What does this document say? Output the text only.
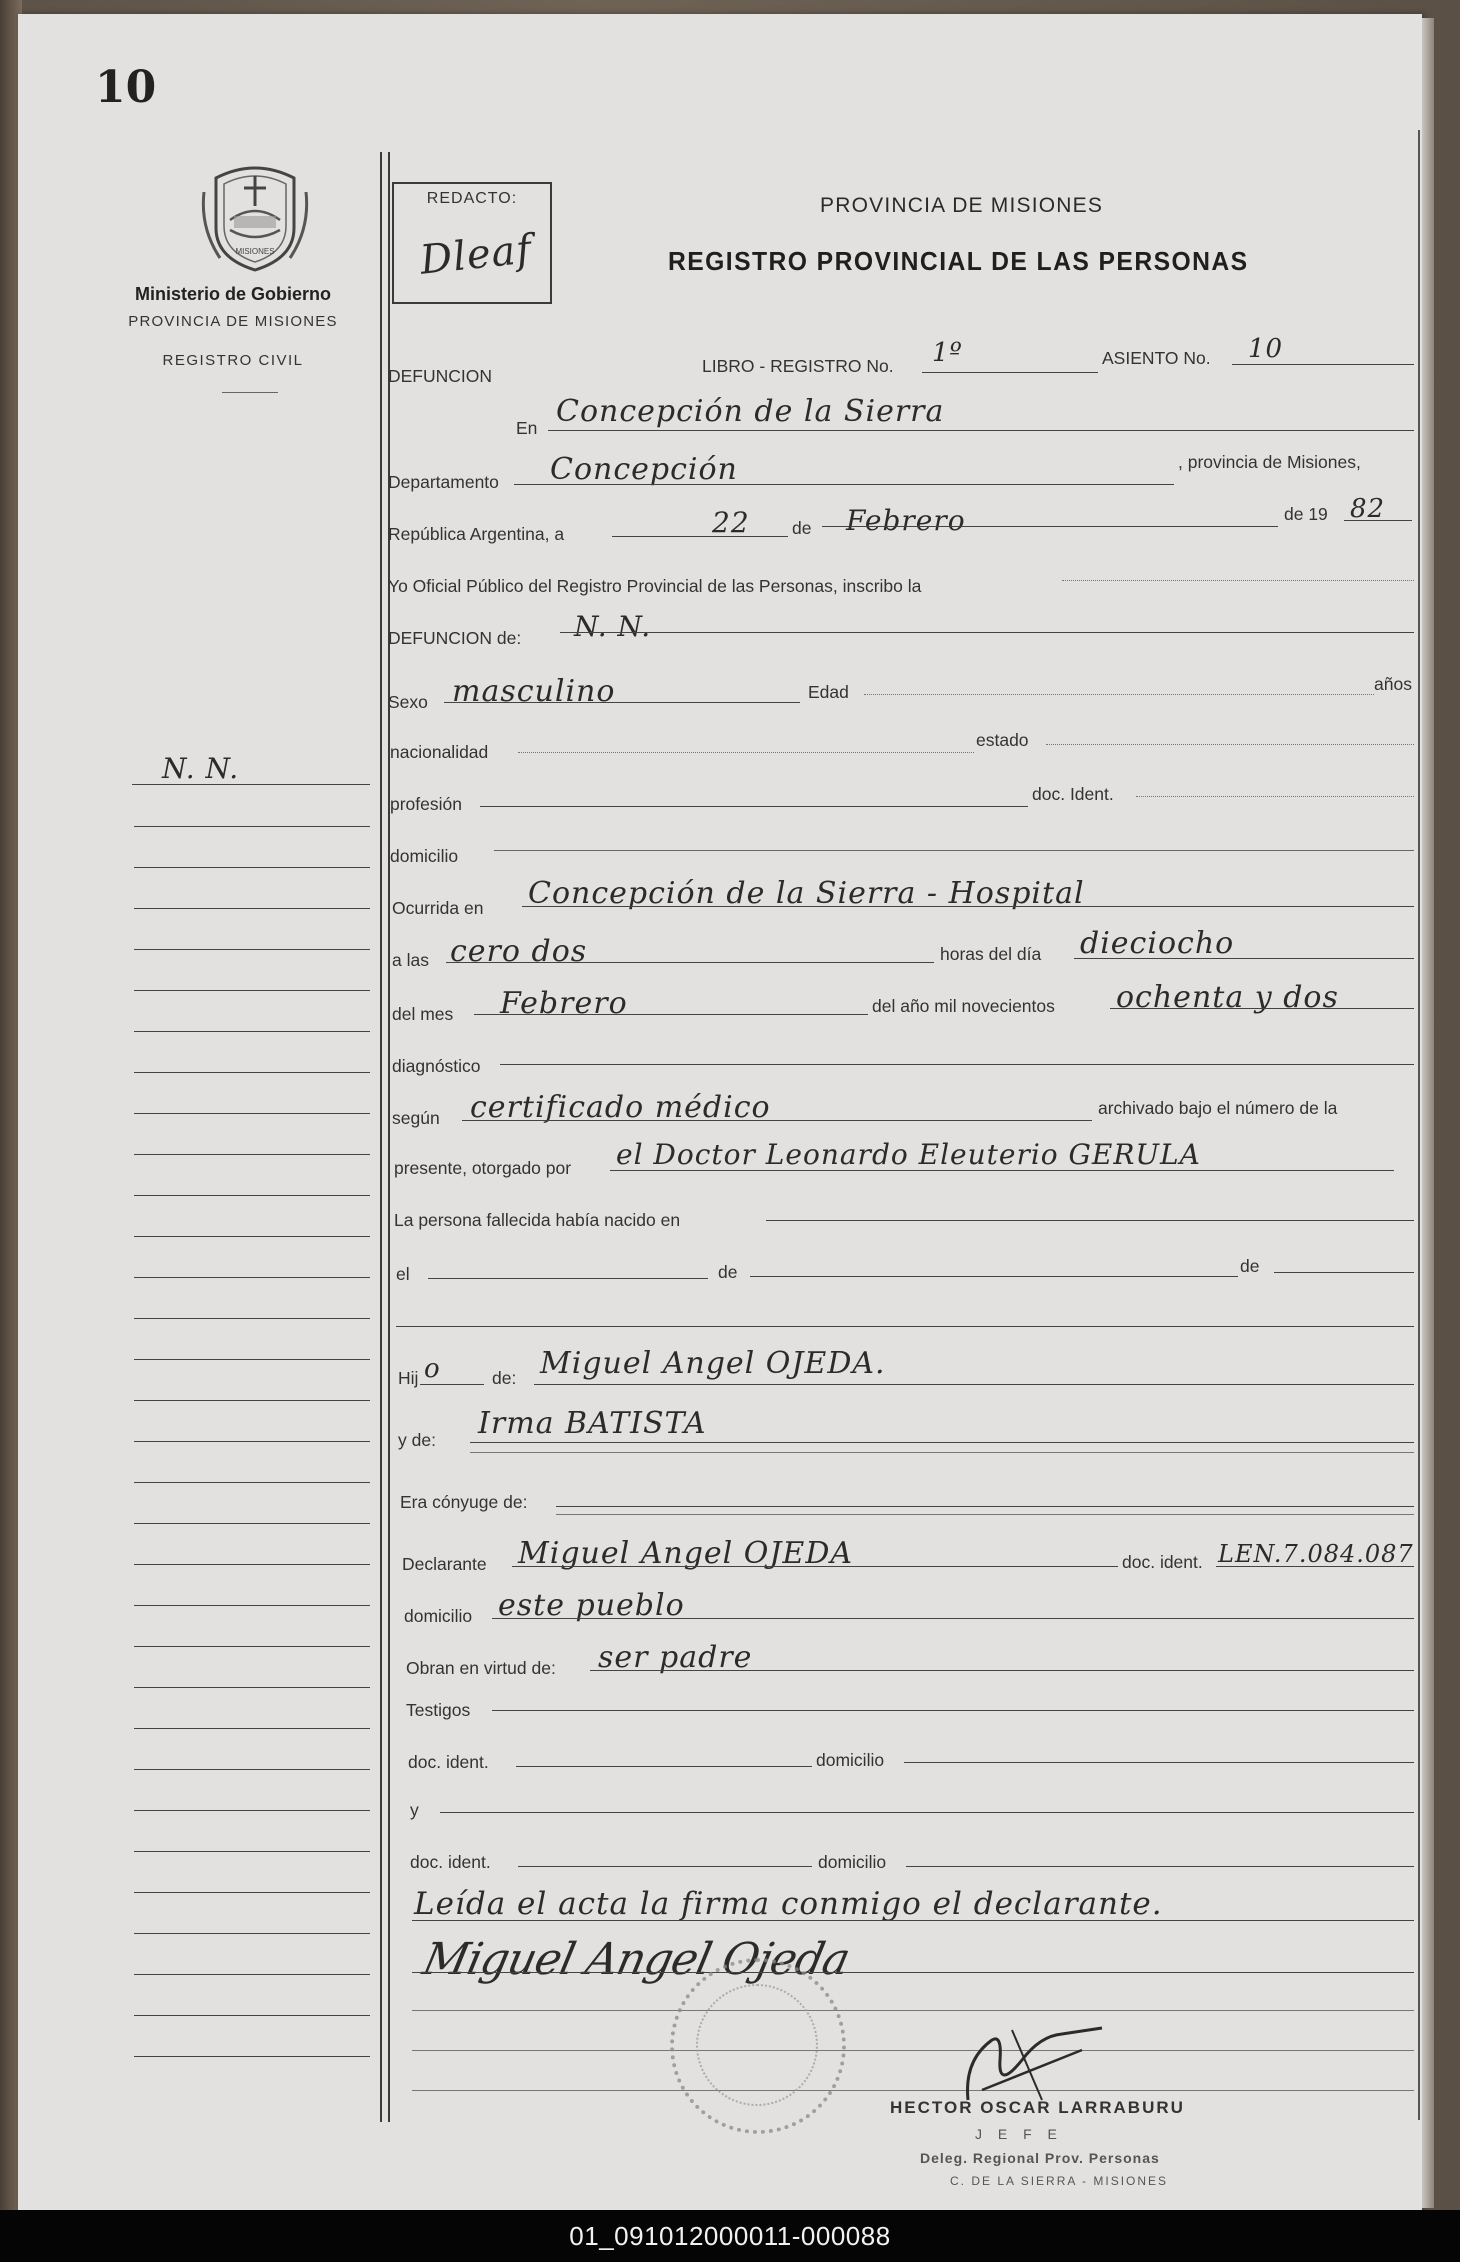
10
MISIONES
Ministerio de Gobierno
PROVINCIA DE MISIONES
REGISTRO CIVIL
N. N.
REDACTO:
Dleaf
PROVINCIA DE MISIONES
REGISTRO PROVINCIAL DE LAS PERSONAS
DEFUNCION	LIBRO - REGISTRO No. 1º	ASIENTO No. 10
En Concepción de la Sierra
Departamento Concepción	, provincia de Misiones,
República Argentina, a	22 de Febrero	de 19 82
Yo Oficial Público del Registro Provincial de las Personas, inscribo la
DEFUNCION de: N. N.
Sexo masculino	Edad	años
nacionalidad
estado
profesión	doc. Ident.
domicilio
Ocurrida en Concepción de la Sierra - Hospital
a las cero dos	horas del día dieciocho
del mes Febrero	del año mil novecientos ochenta y dos
diagnóstico
según certificado médico	archivado bajo el número de la
presente, otorgado por el Doctor Leonardo Eleuterio GERULA
La persona fallecida había nacido en
el	de	de
Hij o	de: Miguel Angel OJEDA.
y de: Irma BATISTA
Era cónyuge de:
Declarante Miguel Angel OJEDA	doc. ident. LEN.7.084.087
domicilio este pueblo
Obran en virtud de: ser padre
Testigos
doc. ident.	domicilio
y
doc. ident.	domicilio
Leída el acta la firma conmigo el declarante.
Miguel Angel Ojeda
HECTOR OSCAR LARRABURU
J E F E
Deleg. Regional Prov. Personas
C. DE LA SIERRA - MISIONES
01_091012000011-000088
